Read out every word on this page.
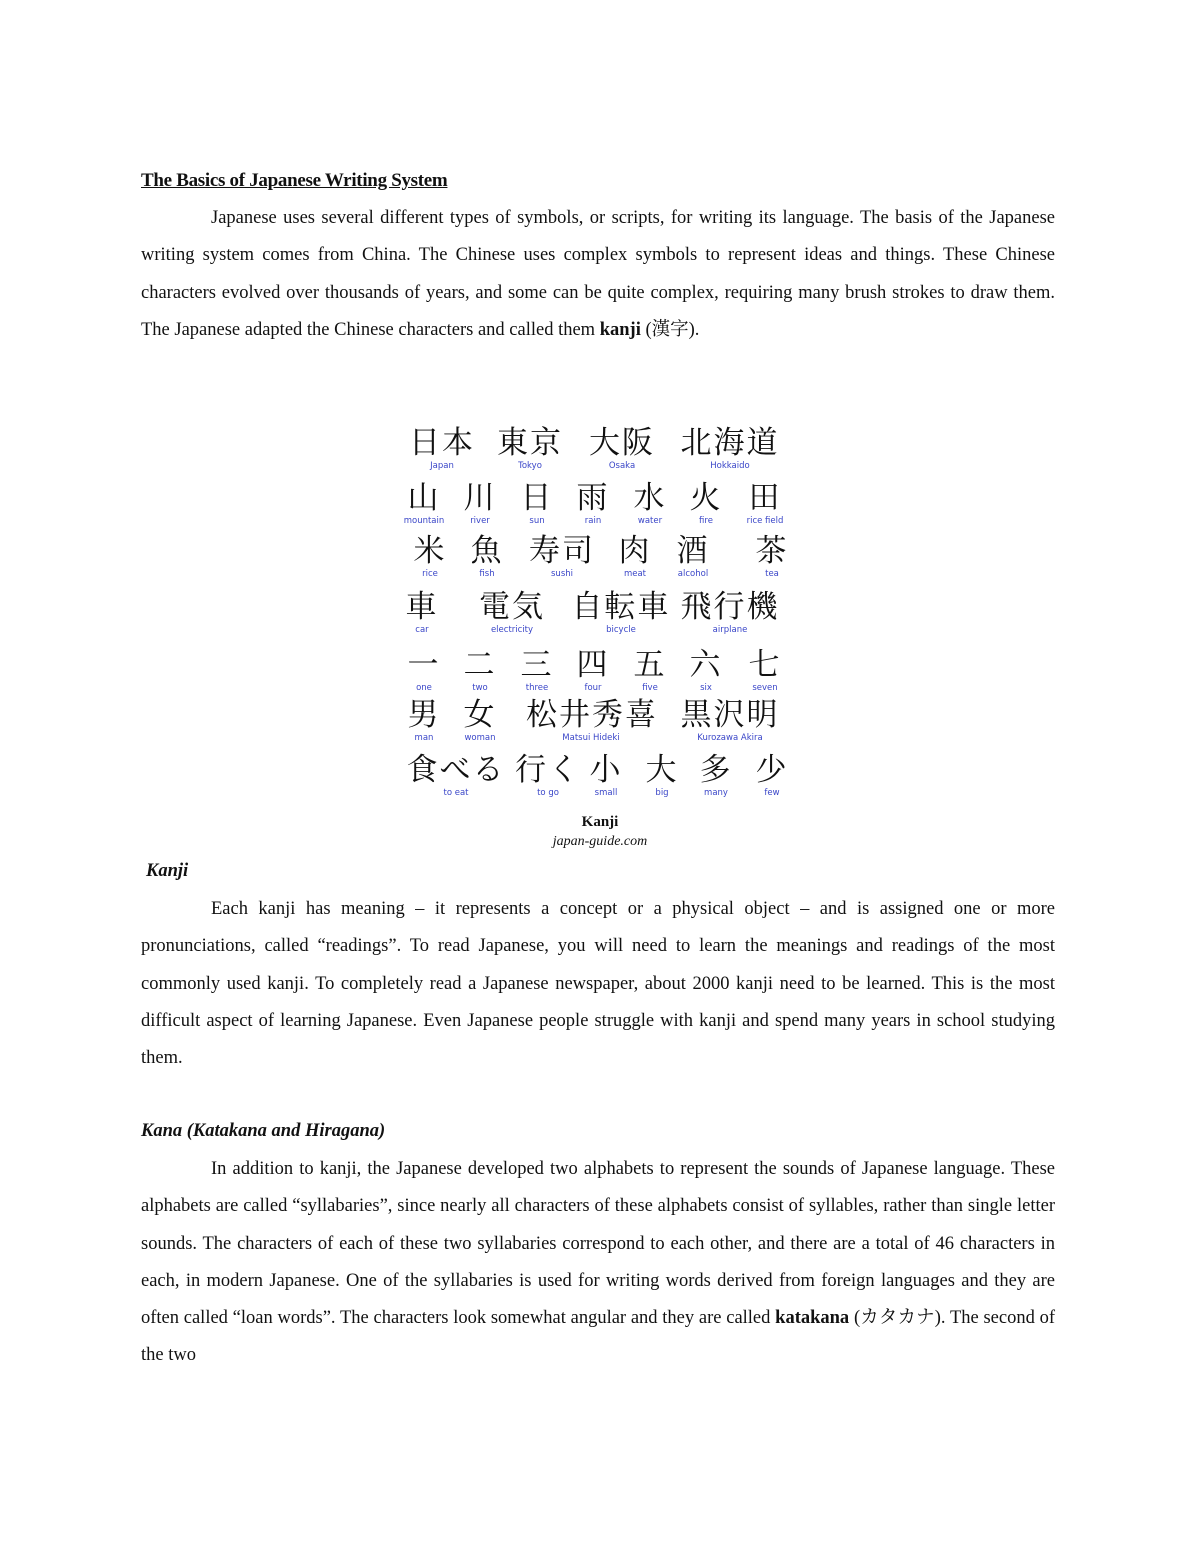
The Basics of Japanese Writing System

Japanese uses several different types of symbols, or scripts, for writing its language. The basis of the Japanese writing system comes from China. The Chinese uses complex symbols to represent ideas and things. These Chinese characters evolved over thousands of years, and some can be quite complex, requiring many brush strokes to draw them. The Japanese adapted the Chinese characters and called them kanji (漢字).

日本
Japan
東京
Tokyo
大阪
Osaka
北海道
Hokkaido
山
mountain
川
river
日
sun
雨
rain
水
water
火
fire
田
rice field
米
rice
魚
fish
寿司
sushi
肉
meat
酒
alcohol
茶
tea
車
car
電気
electricity
自転車
bicycle
飛行機
airplane
一
one
二
two
三
three
四
four
五
five
六
six
七
seven
男
man
女
woman
松井秀喜
Matsui Hideki
黒沢明
Kurozawa Akira
食べる
to eat
行く
to go
小
small
大
big
多
many
少
few
Kanji
japan-guide.com
Kanji

Each kanji has meaning – it represents a concept or a physical object – and is assigned one or more pronunciations, called “readings”. To read Japanese, you will need to learn the meanings and readings of the most commonly used kanji. To completely read a Japanese newspaper, about 2000 kanji need to be learned. This is the most difficult aspect of learning Japanese. Even Japanese people struggle with kanji and spend many years in school studying them.

Kana (Katakana and Hiragana)

In addition to kanji, the Japanese developed two alphabets to represent the sounds of Japanese language. These alphabets are called “syllabaries”, since nearly all characters of these alphabets consist of syllables, rather than single letter sounds. The characters of each of these two syllabaries correspond to each other, and there are a total of 46 characters in each, in modern Japanese. One of the syllabaries is used for writing words derived from foreign languages and they are often called “loan words”. The characters look somewhat angular and they are called katakana (カタカナ). The second of the two
